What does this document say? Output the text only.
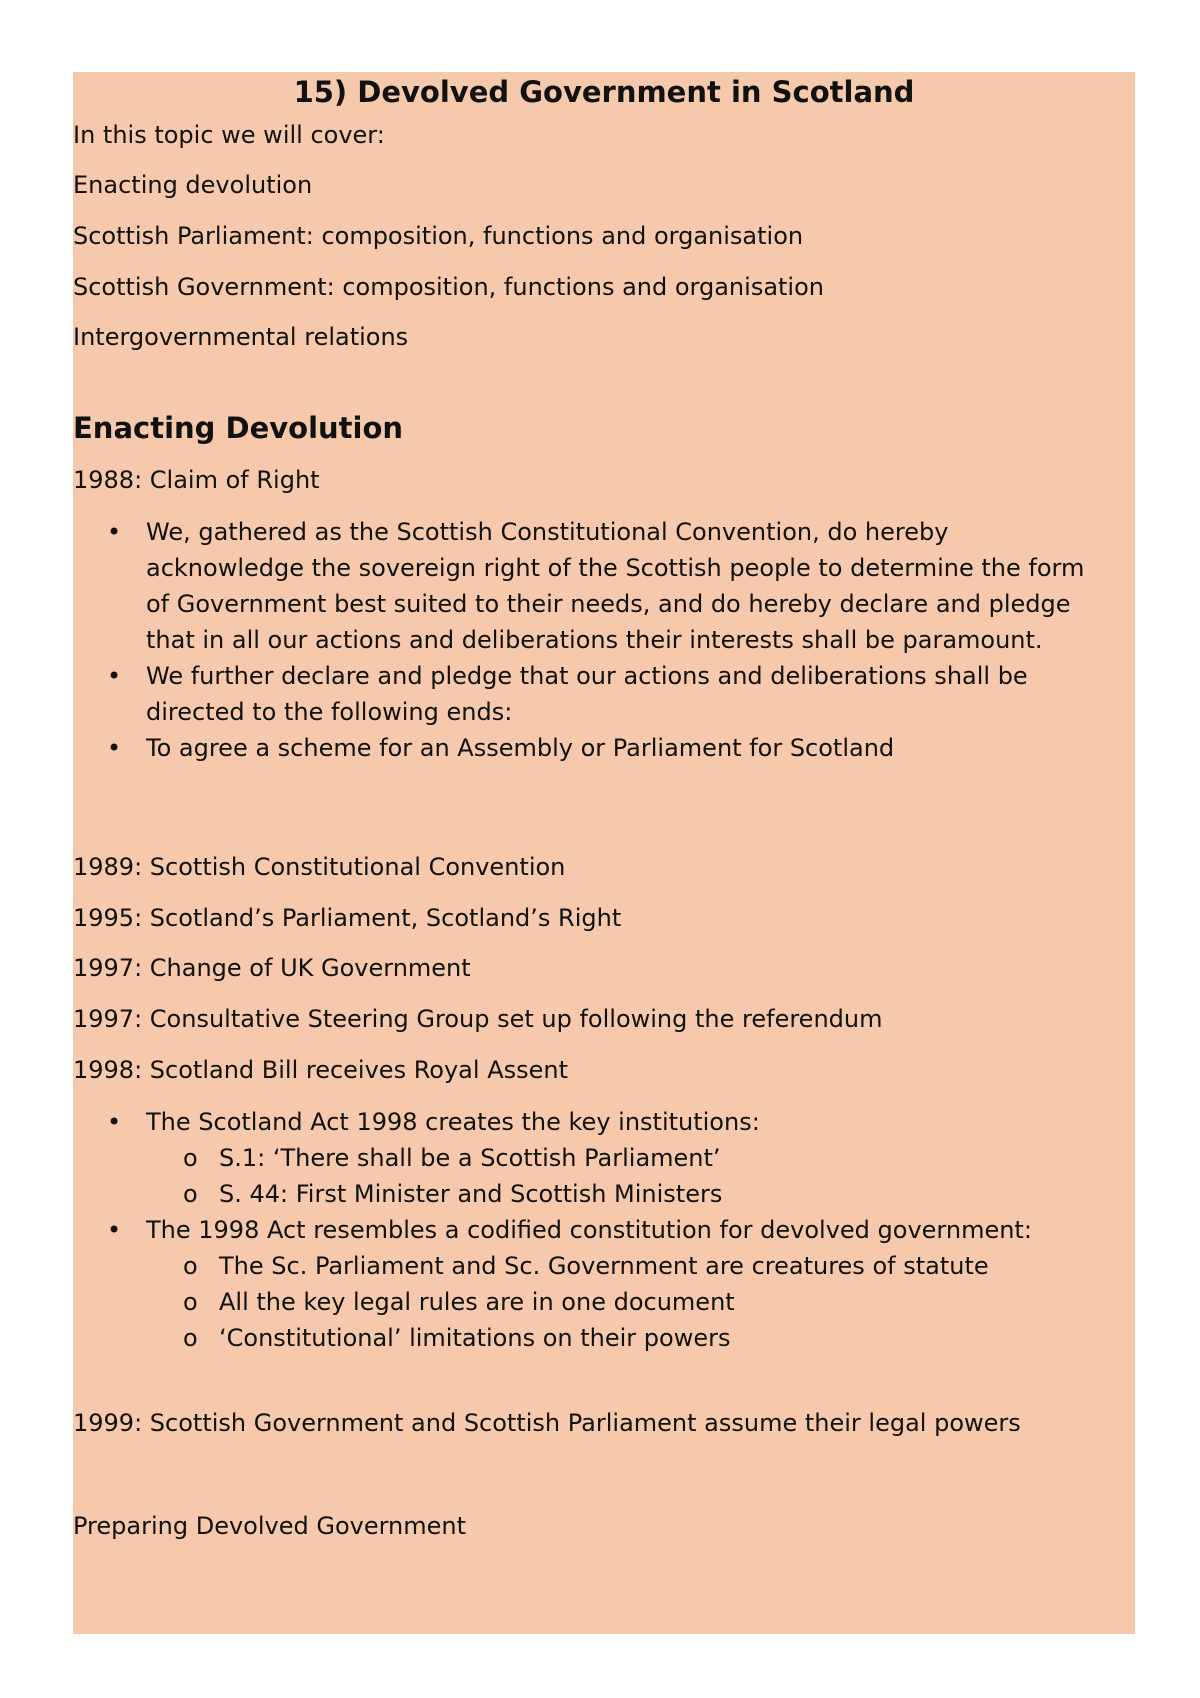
15) Devolved Government in Scotland
In this topic we will cover:
Enacting devolution
Scottish Parliament: composition, functions and organisation
Scottish Government: composition, functions and organisation
Intergovernmental relations
Enacting Devolution
1988: Claim of Right
• We, gathered as the Scottish Constitutional Convention, do hereby acknowledge the sovereign right of the Scottish people to determine the form of Government best suited to their needs, and do hereby declare and pledge that in all our actions and deliberations their interests shall be paramount.
• We further declare and pledge that our actions and deliberations shall be directed to the following ends:
• To agree a scheme for an Assembly or Parliament for Scotland
1989: Scottish Constitutional Convention
1995: Scotland’s Parliament, Scotland’s Right
1997: Change of UK Government
1997: Consultative Steering Group set up following the referendum
1998: Scotland Bill receives Royal Assent
• The Scotland Act 1998 creates the key institutions:
o S.1: ‘There shall be a Scottish Parliament’
o S. 44: First Minister and Scottish Ministers
• The 1998 Act resembles a codified constitution for devolved government:
o The Sc. Parliament and Sc. Government are creatures of statute
o All the key legal rules are in one document
o ‘Constitutional’ limitations on their powers
1999: Scottish Government and Scottish Parliament assume their legal powers
Preparing Devolved Government
